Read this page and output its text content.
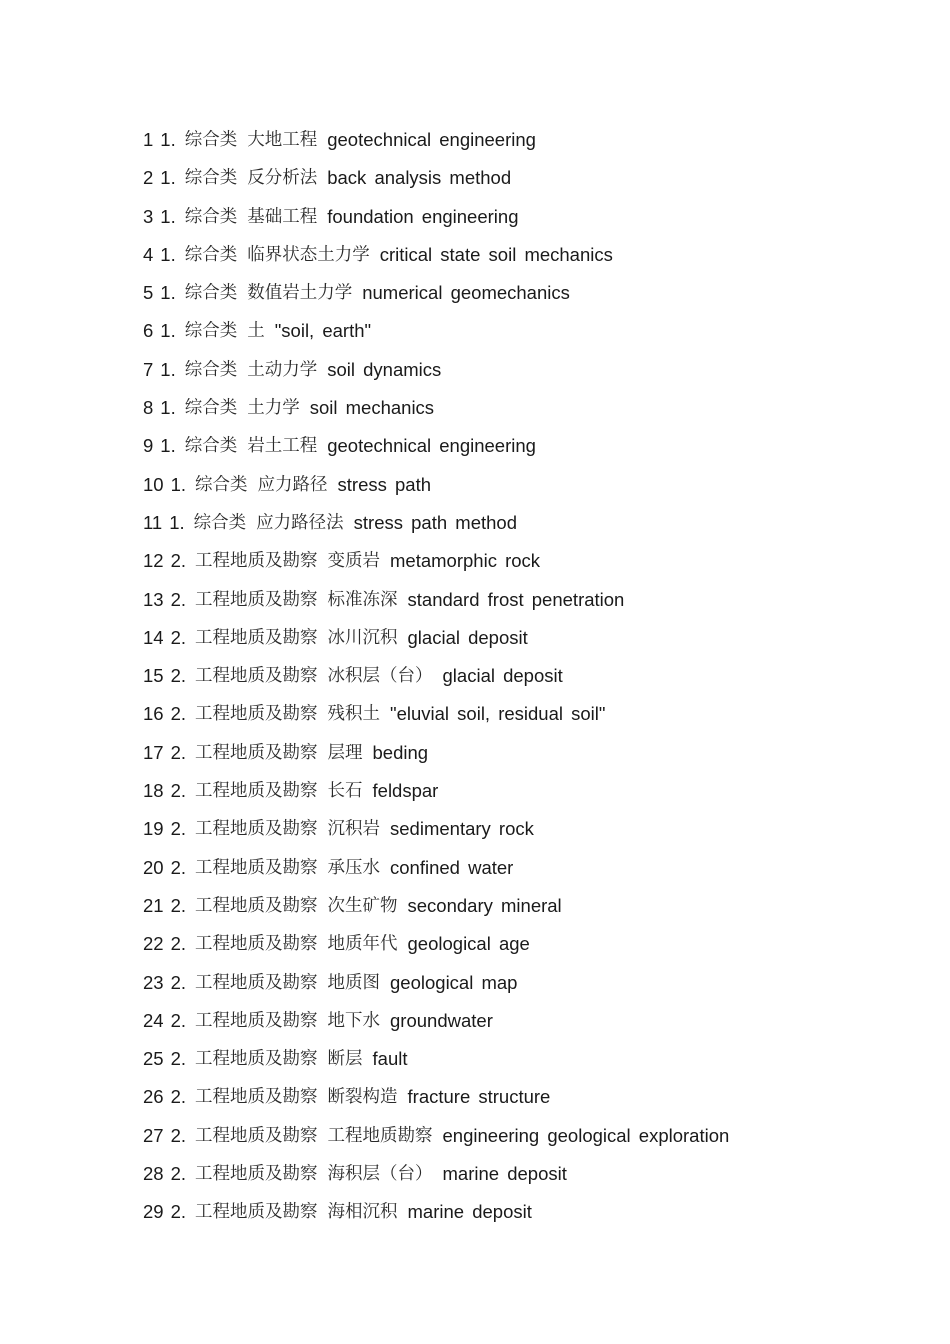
1 1. 综合类 大地工程 geotechnical engineering
2 1. 综合类 反分析法 back analysis method
3 1. 综合类 基础工程 foundation engineering
4 1. 综合类 临界状态土力学 critical state soil mechanics
5 1. 综合类 数值岩土力学 numerical geomechanics
6 1. 综合类 土 "soil, earth"
7 1. 综合类 土动力学 soil dynamics
8 1. 综合类 土力学 soil mechanics
9 1. 综合类 岩土工程 geotechnical engineering
10 1. 综合类 应力路径 stress path
11 1. 综合类 应力路径法 stress path method
12 2. 工程地质及勘察 变质岩 metamorphic rock
13 2. 工程地质及勘察 标准冻深 standard frost penetration
14 2. 工程地质及勘察 冰川沉积 glacial deposit
15 2. 工程地质及勘察 冰积层（台） glacial deposit
16 2. 工程地质及勘察 残积土 "eluvial soil, residual soil"
17 2. 工程地质及勘察 层理 beding
18 2. 工程地质及勘察 长石 feldspar
19 2. 工程地质及勘察 沉积岩 sedimentary rock
20 2. 工程地质及勘察 承压水 confined water
21 2. 工程地质及勘察 次生矿物 secondary mineral
22 2. 工程地质及勘察 地质年代 geological age
23 2. 工程地质及勘察 地质图 geological map
24 2. 工程地质及勘察 地下水 groundwater
25 2. 工程地质及勘察 断层 fault
26 2. 工程地质及勘察 断裂构造 fracture structure
27 2. 工程地质及勘察 工程地质勘察 engineering geological exploration
28 2. 工程地质及勘察 海积层（台） marine deposit
29 2. 工程地质及勘察 海相沉积 marine deposit
